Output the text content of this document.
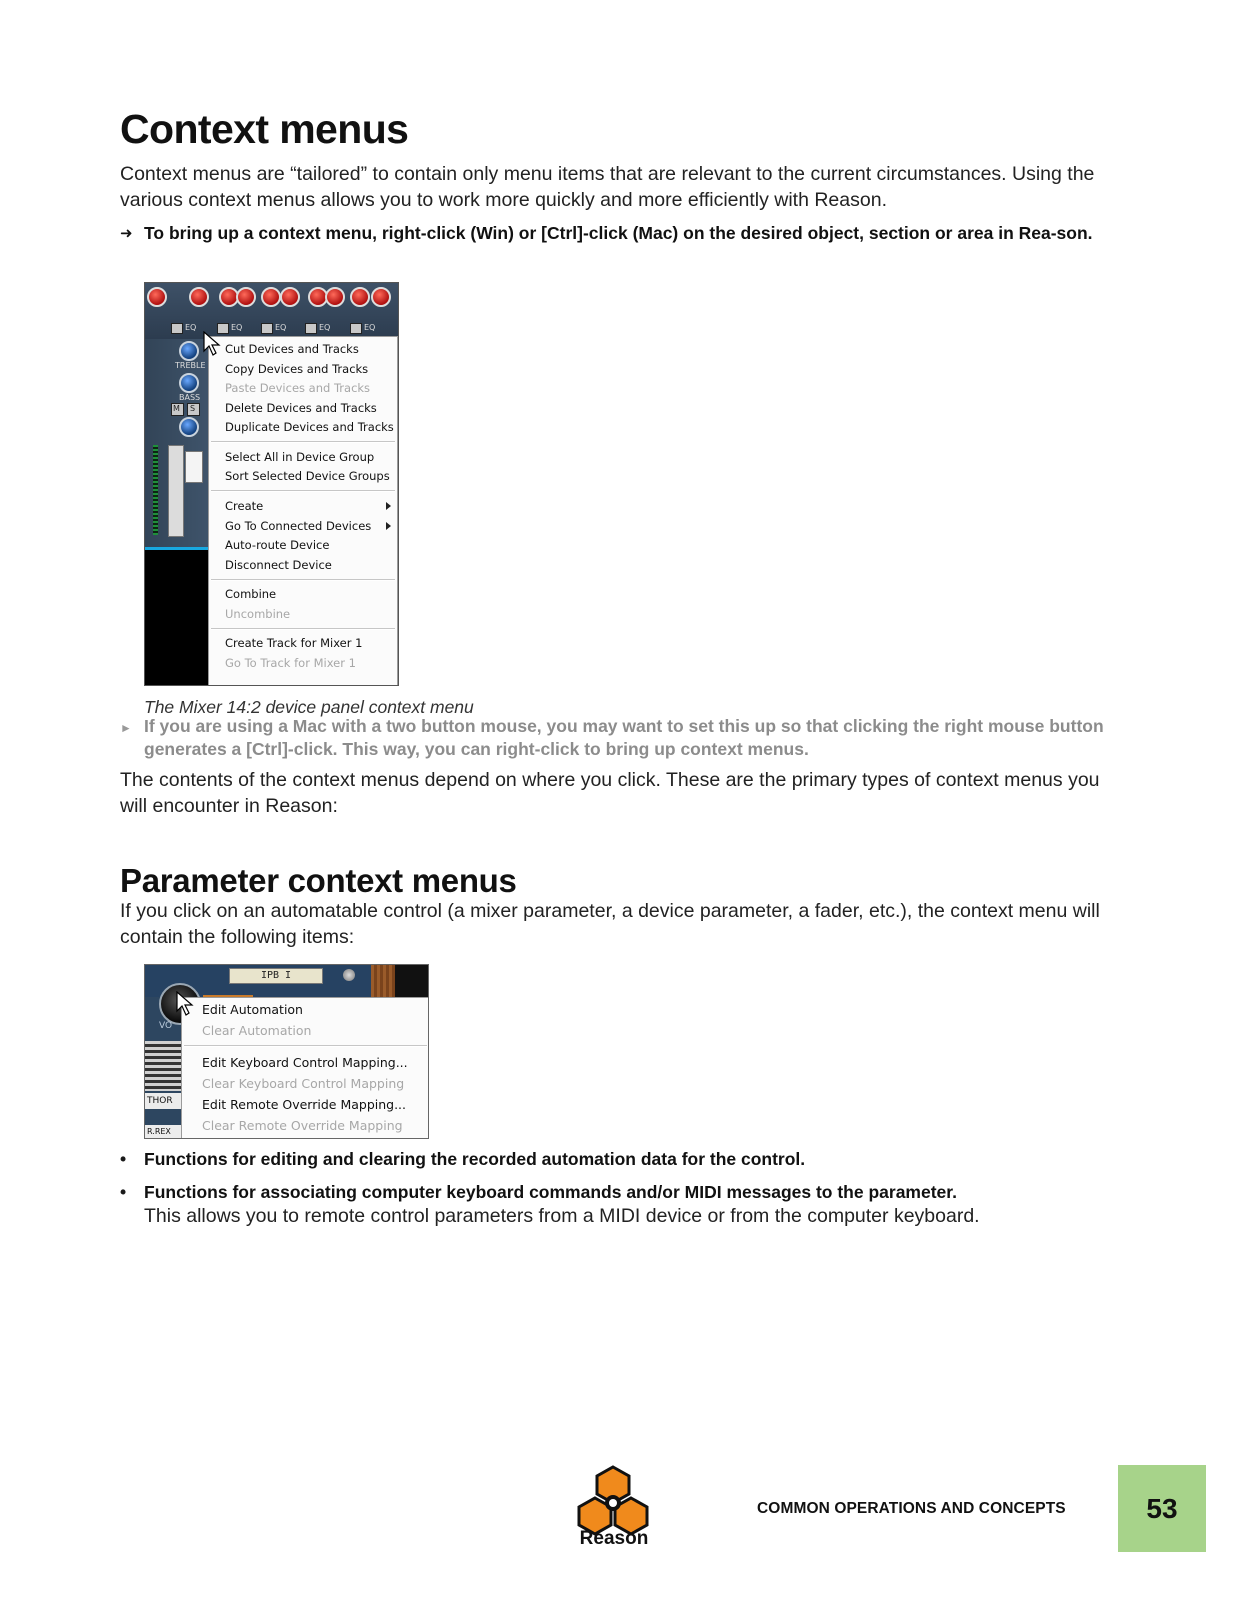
Context menus

Context menus are “tailored” to contain only menu items that are relevant to the current circumstances. Using the various context menus allows you to work more quickly and more efficiently with Reason.

➜ To bring up a context menu, right-click (Win) or [Ctrl]-click (Mac) on the desired object, section or area in Rea-son.
EQ	EQ	EQ	EQ	EQ
TREBLE
BASS
M S
Cut Devices and Tracks
Copy Devices and Tracks
Paste Devices and Tracks
Delete Devices and Tracks
Duplicate Devices and Tracks
Select All in Device Group
Sort Selected Device Groups
Create
Go To Connected Devices
Auto-route Device
Disconnect Device
Combine
Uncombine
Create Track for Mixer 1
Go To Track for Mixer 1

The Mixer 14:2 device panel context menu

► If you are using a Mac with a two button mouse, you may want to set this up so that clicking the right mouse button generates a [Ctrl]-click. This way, you can right-click to bring up context menus.

The contents of the context menus depend on where you click. These are the primary types of context menus you will encounter in Reason:

Parameter context menus

If you click on an automatable control (a mixer parameter, a device parameter, a fader, etc.), the context menu will contain the following items:

IPB I
VO
THOR
R.REX
Edit Automation
Clear Automation
Edit Keyboard Control Mapping...
Clear Keyboard Control Mapping
Edit Remote Override Mapping...
Clear Remote Override Mapping
• Functions for editing and clearing the recorded automation data for the control.
• Functions for associating computer keyboard commands and/or MIDI messages to the parameter.
This allows you to remote control parameters from a MIDI device or from the computer keyboard.
Reason
COMMON OPERATIONS AND CONCEPTS	53
